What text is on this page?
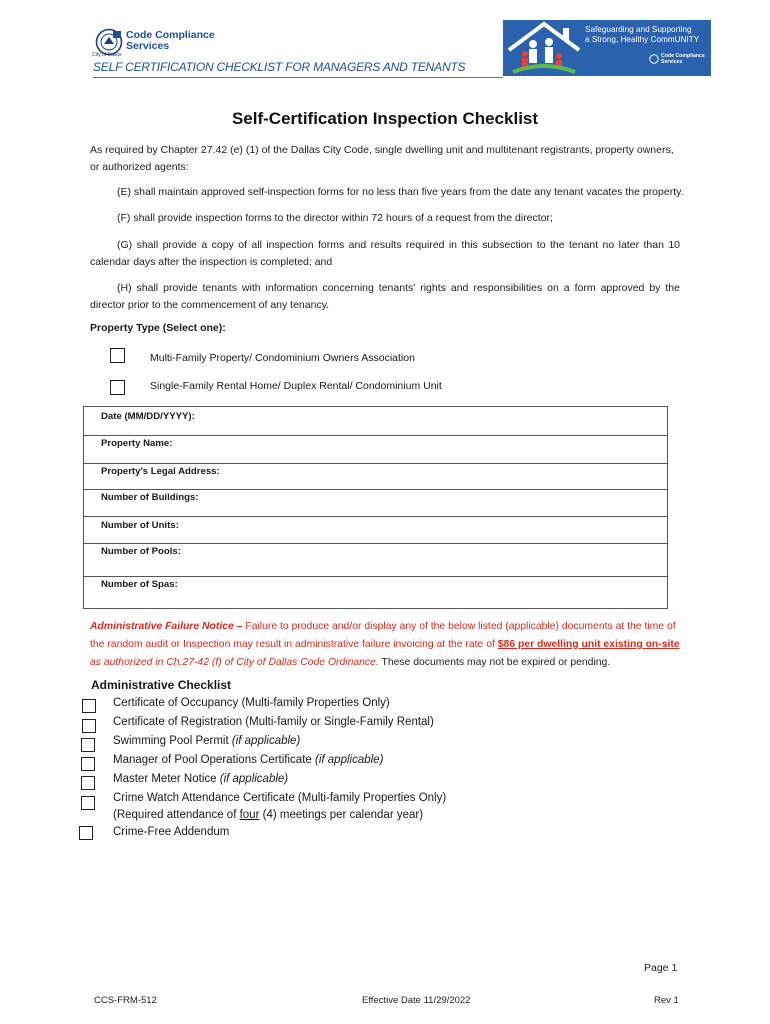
City of Dallas
Code Compliance
Services
Safeguarding and Supporting
a Strong, Healthy CommUNITY
Code Compliance
Services
SELF CERTIFICATION CHECKLIST FOR MANAGERS AND TENANTS
Self-Certification Inspection Checklist
As required by Chapter 27.42 (e) (1) of the Dallas City Code, single dwelling unit and multitenant registrants, property owners, or authorized agents:
(E) shall maintain approved self-inspection forms for no less than five years from the date any tenant vacates the property.
(F) shall provide inspection forms to the director within 72 hours of a request from the director;
(G) shall provide a copy of all inspection forms and results required in this subsection to the tenant no later than 10 calendar days after the inspection is completed; and
(H) shall provide tenants with information concerning tenants' rights and responsibilities on a form approved by the director prior to the commencement of any tenancy.
Property Type (Select one):
Multi-Family Property/ Condominium Owners Association
Single-Family Rental Home/ Duplex Rental/ Condominium Unit
Date (MM/DD/YYYY):
Property Name:
Property's Legal Address:
Number of Buildings:
Number of Units:
Number of Pools:
Number of Spas:
Administrative Failure Notice – Failure to produce and/or display any of the below listed (applicable) documents at the time of the random audit or Inspection may result in administrative failure invoicing at the rate of $86 per dwelling unit existing on-site as authorized in Ch.27-42 (f) of City of Dallas Code Ordinance. These documents may not be expired or pending.
Administrative Checklist
Certificate of Occupancy (Multi-family Properties Only)
Certificate of Registration (Multi-family or Single-Family Rental)
Swimming Pool Permit (if applicable)
Manager of Pool Operations Certificate (if applicable)
Master Meter Notice (if applicable)
Crime Watch Attendance Certificate (Multi-family Properties Only)
(Required attendance of four (4) meetings per calendar year)
Crime-Free Addendum
Page 1
CCS-FRM-512	Effective Date 11/29/2022	Rev 1
